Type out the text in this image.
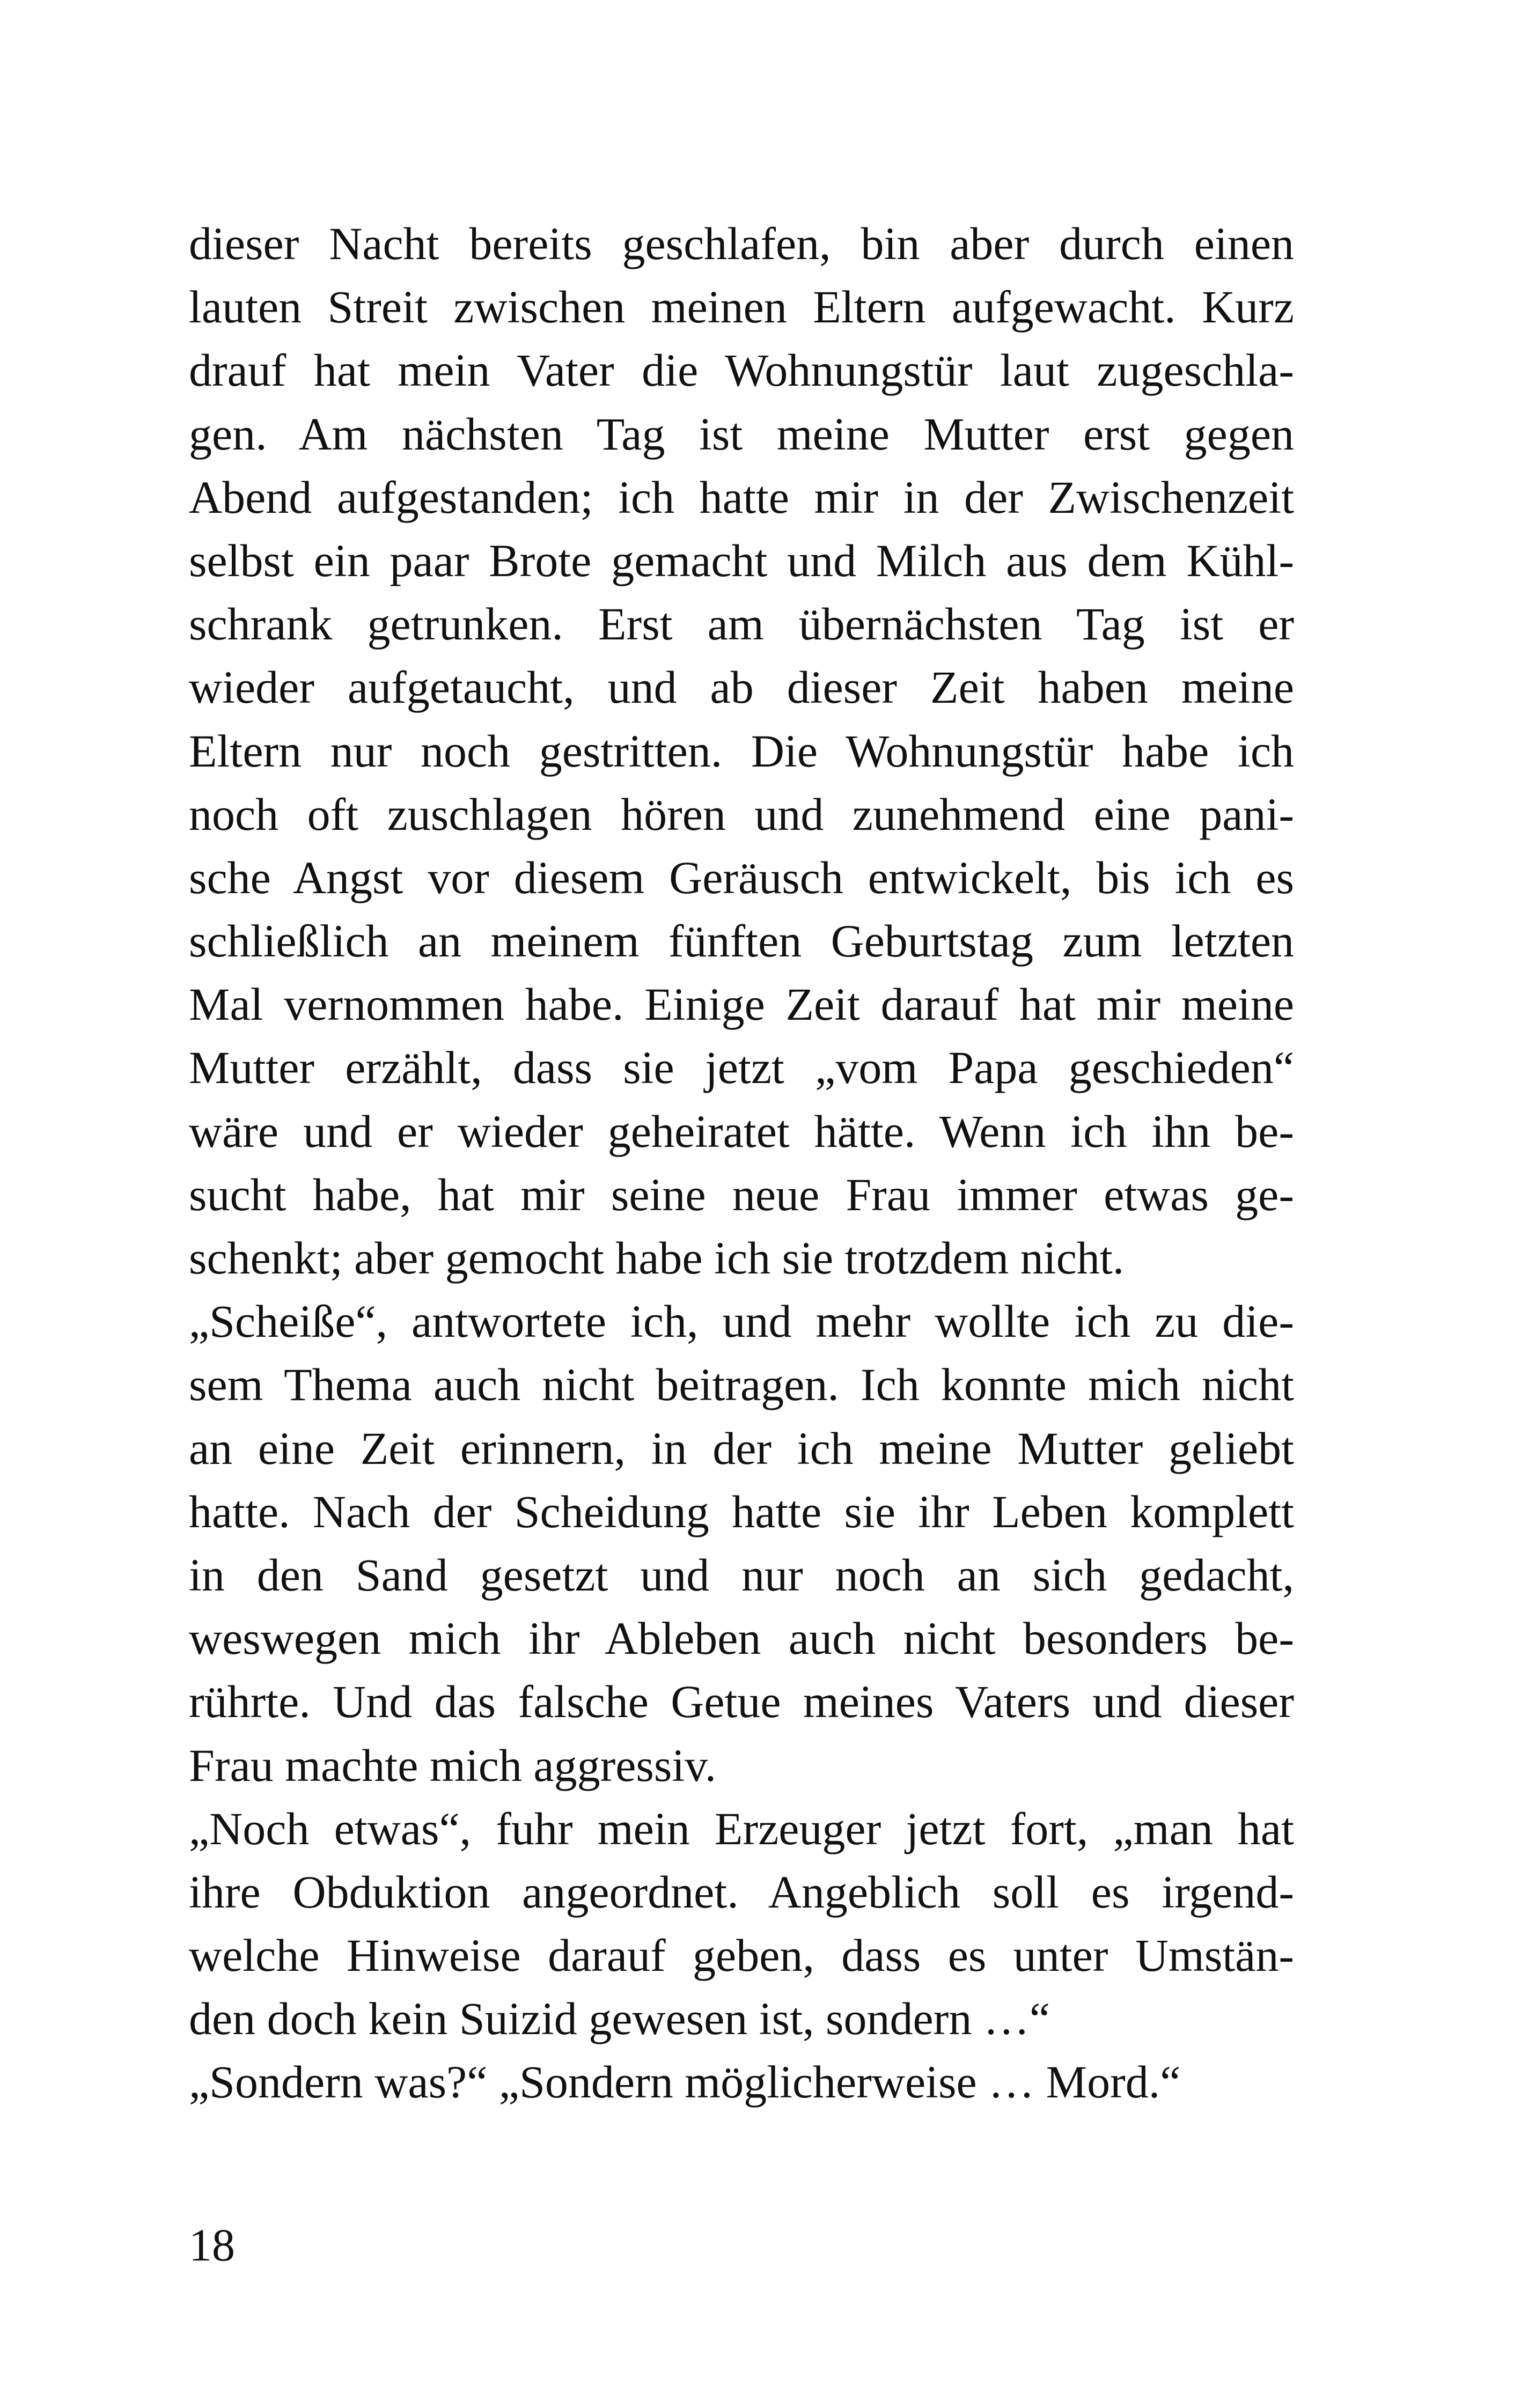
dieser Nacht bereits geschlafen, bin aber durch einen
lauten Streit zwischen meinen Eltern aufgewacht. Kurz
drauf hat mein Vater die Wohnungstür laut zugeschla-
gen. Am nächsten Tag ist meine Mutter erst gegen
Abend aufgestanden; ich hatte mir in der Zwischenzeit
selbst ein paar Brote gemacht und Milch aus dem Kühl-
schrank getrunken. Erst am übernächsten Tag ist er
wieder aufgetaucht, und ab dieser Zeit haben meine
Eltern nur noch gestritten. Die Wohnungstür habe ich
noch oft zuschlagen hören und zunehmend eine pani-
sche Angst vor diesem Geräusch entwickelt, bis ich es
schließlich an meinem fünften Geburtstag zum letzten
Mal vernommen habe. Einige Zeit darauf hat mir meine
Mutter erzählt, dass sie jetzt „vom Papa geschieden“
wäre und er wieder geheiratet hätte. Wenn ich ihn be-
sucht habe, hat mir seine neue Frau immer etwas ge-
schenkt; aber gemocht habe ich sie trotzdem nicht.
„Scheiße“, antwortete ich, und mehr wollte ich zu die-
sem Thema auch nicht beitragen. Ich konnte mich nicht
an eine Zeit erinnern, in der ich meine Mutter geliebt
hatte. Nach der Scheidung hatte sie ihr Leben komplett
in den Sand gesetzt und nur noch an sich gedacht,
weswegen mich ihr Ableben auch nicht besonders be-
rührte. Und das falsche Getue meines Vaters und dieser
Frau machte mich aggressiv.
„Noch etwas“, fuhr mein Erzeuger jetzt fort, „man hat
ihre Obduktion angeordnet. Angeblich soll es irgend-
welche Hinweise darauf geben, dass es unter Umstän-
den doch kein Suizid gewesen ist, sondern …“
„Sondern was?“ „Sondern möglicherweise … Mord.“
18
